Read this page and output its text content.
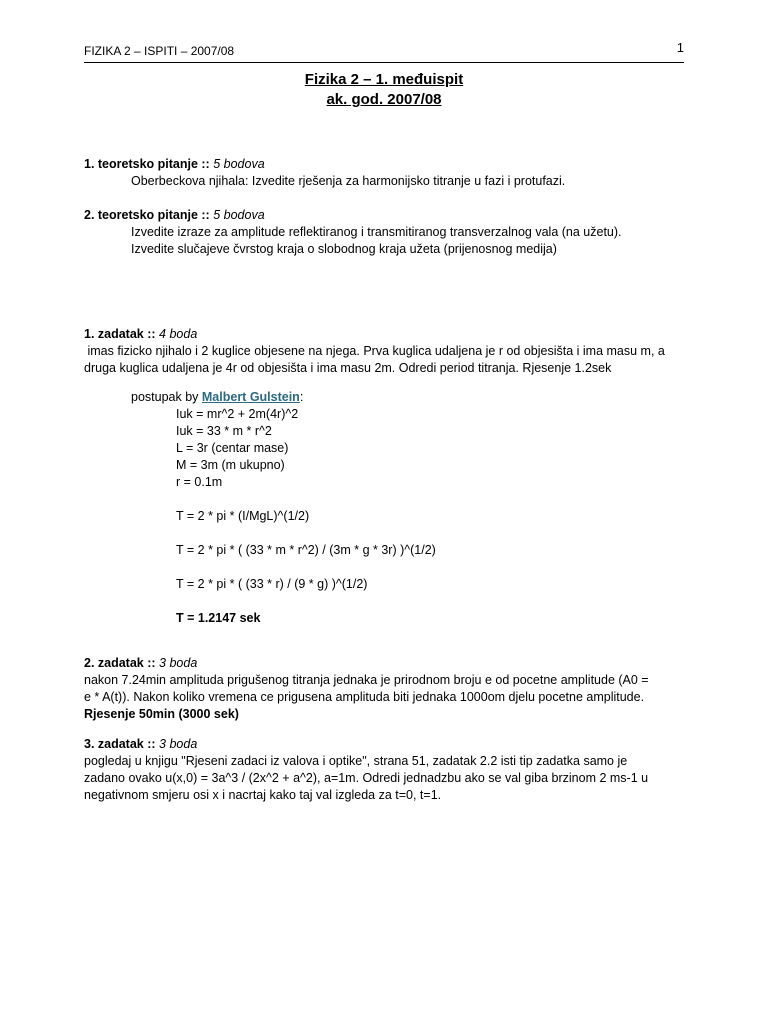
FIZIKA 2 – ISPITI – 2007/08	1
Fizika 2 – 1. međuispit
ak. god. 2007/08

1. teoretsko pitanje :: 5 bodova

Oberbeckova njihala: Izvedite rješenja za harmonijsko titranje u fazi i protufazi.

2. teoretsko pitanje :: 5 bodova

Izvedite izraze za amplitude reflektiranog i transmitiranog transverzalnog vala (na užetu).

Izvedite slučajeve čvrstog kraja o slobodnog kraja užeta (prijenosnog medija)

1. zadatak :: 4 boda

imas fizicko njihalo i 2 kuglice objesene na njega. Prva kuglica udaljena je r od objesišta i ima masu m, a

druga kuglica udaljena je 4r od objesišta i ima masu 2m. Odredi period titranja. Rjesenje 1.2sek

postupak by Malbert Gulstein:

Iuk = mr^2 + 2m(4r)^2

Iuk = 33 * m * r^2

L = 3r (centar mase)

M = 3m (m ukupno)

r = 0.1m

T = 2 * pi * (I/MgL)^(1/2)

T = 2 * pi * ( (33 * m * r^2) / (3m * g * 3r) )^(1/2)

T = 2 * pi * ( (33 * r) / (9 * g) )^(1/2)

T = 1.2147 sek

2. zadatak :: 3 boda

nakon 7.24min amplituda prigušenog titranja jednaka je prirodnom broju e od pocetne amplitude (A0 =

e * A(t)). Nakon koliko vremena ce prigusena amplituda biti jednaka 1000om djelu pocetne amplitude.

Rjesenje 50min (3000 sek)

3. zadatak :: 3 boda

pogledaj u knjigu "Rjeseni zadaci iz valova i optike", strana 51, zadatak 2.2 isti tip zadatka samo je

zadano ovako u(x,0) = 3a^3 / (2x^2 + a^2), a=1m. Odredi jednadzbu ako se val giba brzinom 2 ms-1 u

negativnom smjeru osi x i nacrtaj kako taj val izgleda za t=0, t=1.
